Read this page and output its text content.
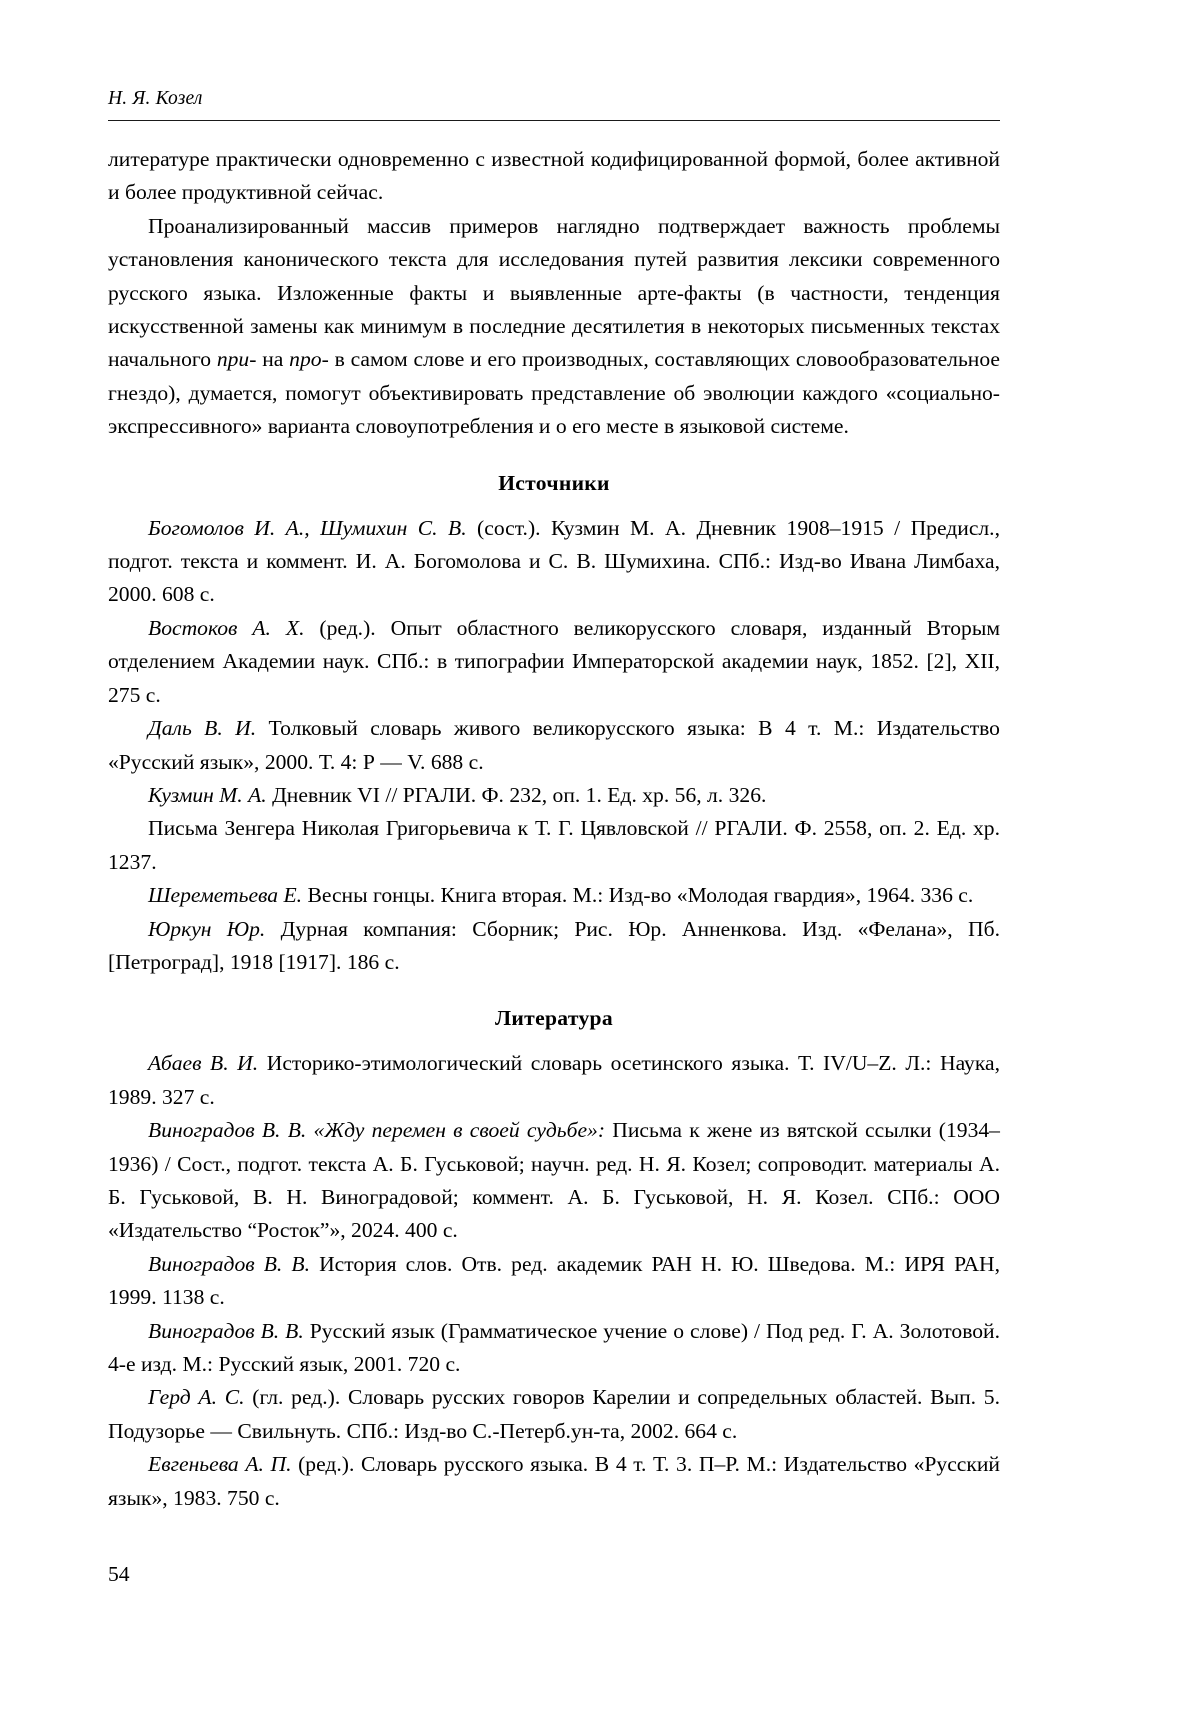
Н. Я. Козел

литературе практически одновременно с известной кодифицированной формой, более активной и более продуктивной сейчас.

Проанализированный массив примеров наглядно подтверждает важность проблемы установления канонического текста для исследования путей развития лексики современного русского языка. Изложенные факты и выявленные арте-факты (в частности, тенденция искусственной замены как минимум в последние десятилетия в некоторых письменных текстах начального при- на про- в самом слове и его производных, составляющих словообразовательное гнездо), думается, помогут объективировать представление об эволюции каждого «социально-экспрессивного» варианта словоупотребления и о его месте в языковой системе.

Источники

Богомолов И. А., Шумихин С. В. (сост.). Кузмин М. А. Дневник 1908–1915 / Предисл., подгот. текста и коммент. И. А. Богомолова и С. В. Шумихина. СПб.: Изд-во Ивана Лимбаха, 2000. 608 с.

Востоков А. Х. (ред.). Опыт областного великорусского словаря, изданный Вторым отделением Академии наук. СПб.: в типографии Императорской академии наук, 1852. [2], XII, 275 с.

Даль В. И. Толковый словарь живого великорусского языка: В 4 т. М.: Издательство «Русский язык», 2000. Т. 4: Р — V. 688 с.

Кузмин М. А. Дневник VI // РГАЛИ. Ф. 232, оп. 1. Ед. хр. 56, л. 326.

Письма Зенгера Николая Григорьевича к Т. Г. Цявловской // РГАЛИ. Ф. 2558, оп. 2. Ед. хр. 1237.

Шереметьева Е. Весны гонцы. Книга вторая. М.: Изд-во «Молодая гвардия», 1964. 336 с.

Юркун Юр. Дурная компания: Сборник; Рис. Юр. Анненкова. Изд. «Фелана», Пб. [Петроград], 1918 [1917]. 186 с.

Литература

Абаев В. И. Историко-этимологический словарь осетинского языка. Т. IV/U–Z. Л.: Наука, 1989. 327 с.

Виноградов В. В. «Жду перемен в своей судьбе»: Письма к жене из вятской ссылки (1934–1936) / Сост., подгот. текста А. Б. Гуськовой; научн. ред. Н. Я. Козел; сопроводит. материалы А. Б. Гуськовой, В. Н. Виноградовой; коммент. А. Б. Гуськовой, Н. Я. Козел. СПб.: ООО «Издательство “Росток”», 2024. 400 с.

Виноградов В. В. История слов. Отв. ред. академик РАН Н. Ю. Шведова. М.: ИРЯ РАН, 1999. 1138 с.

Виноградов В. В. Русский язык (Грамматическое учение о слове) / Под ред. Г. А. Золотовой. 4-е изд. М.: Русский язык, 2001. 720 с.

Герд А. С. (гл. ред.). Словарь русских говоров Карелии и сопредельных областей. Вып. 5. Подузорье — Свильнуть. СПб.: Изд-во С.-Петерб.ун-та, 2002. 664 с.

Евгеньева А. П. (ред.). Словарь русского языка. В 4 т. Т. 3. П–Р. М.: Издательство «Русский язык», 1983. 750 с.

54
